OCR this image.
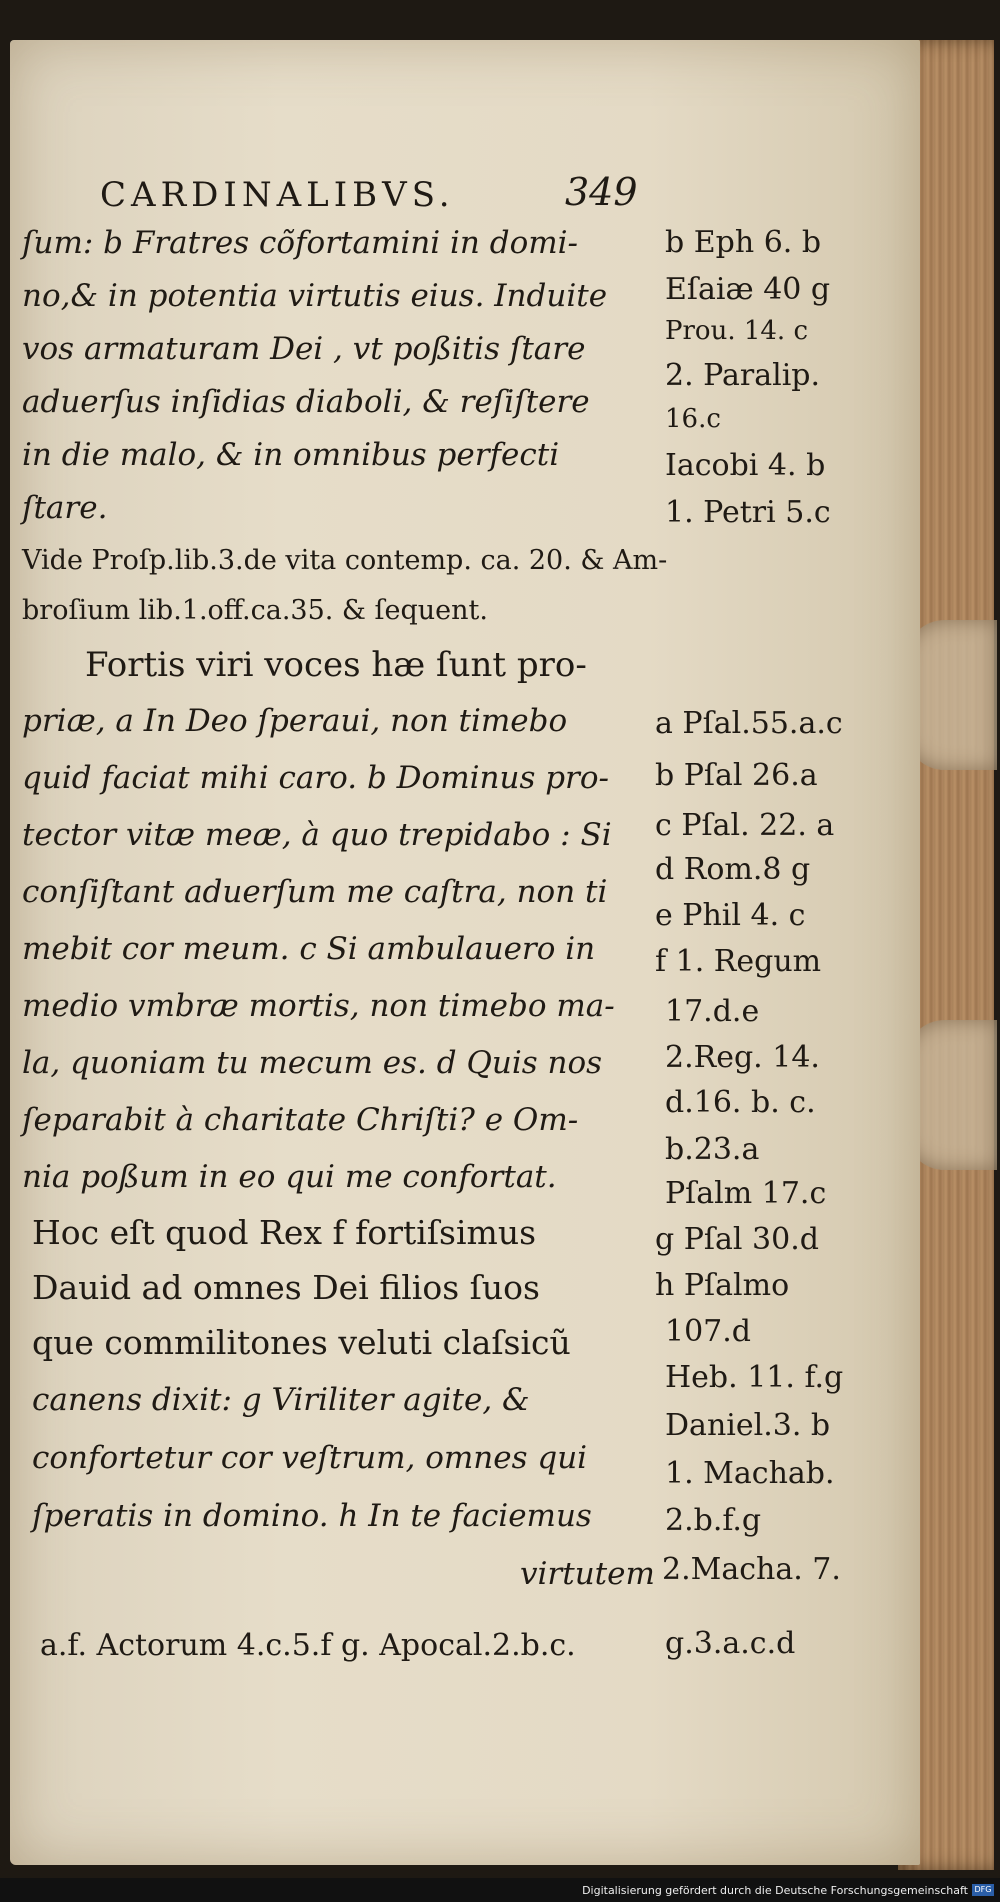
CARDINALIBVS.	349
ſum: b Fratres cõfortamini in domi-
no,& in potentia virtutis eius. Induite
vos armaturam Dei , vt poßitis ſtare
aduerſus inſidias diaboli, & reſiſtere
in die malo, & in omnibus perfecti
ſtare.
Vide Proſp.lib.3.de vita contemp. ca. 20. & Am-
broſium lib.1.off.ca.35. & ſequent.
Fortis viri voces hæ ſunt pro-
priæ, a In Deo ſperaui, non timebo
quid faciat mihi caro. b Dominus pro-
tector vitæ meæ, à quo trepidabo : Si
conſiſtant aduerſum me caſtra, non ti
mebit cor meum. c Si ambulauero in
medio vmbræ mortis, non timebo ma-
la, quoniam tu mecum es. d Quis nos
ſeparabit à charitate Chriſti? e Om-
nia poßum in eo qui me confortat.
Hoc eſt quod Rex f fortiſsimus
Dauid ad omnes Dei filios ſuos
que commilitones veluti claſsicũ
canens dixit: g Viriliter agite, &
confortetur cor veſtrum, omnes qui
ſperatis in domino. h In te faciemus
virtutem
a.f. Actorum 4.c.5.f g. Apocal.2.b.c.
b Eph 6. b
Eſaiæ 40 g
Prou. 14. c
2. Paralip.
16.c
Iacobi 4. b
1. Petri 5.c
a Pſal.55.a.c
b Pſal 26.a
c Pſal. 22. a
d Rom.8 g
e Phil 4. c
f 1. Regum
17.d.e
2.Reg. 14.
d.16. b. c.
b.23.a
Pſalm 17.c
g Pſal 30.d
h Pſalmo
107.d
Heb. 11. f.g
Daniel.3. b
1. Machab.
2.b.f.g
2.Macha. 7.
g.3.a.c.d
Digitalisierung gefördert durch die Deutsche Forschungsgemeinschaft DFG
